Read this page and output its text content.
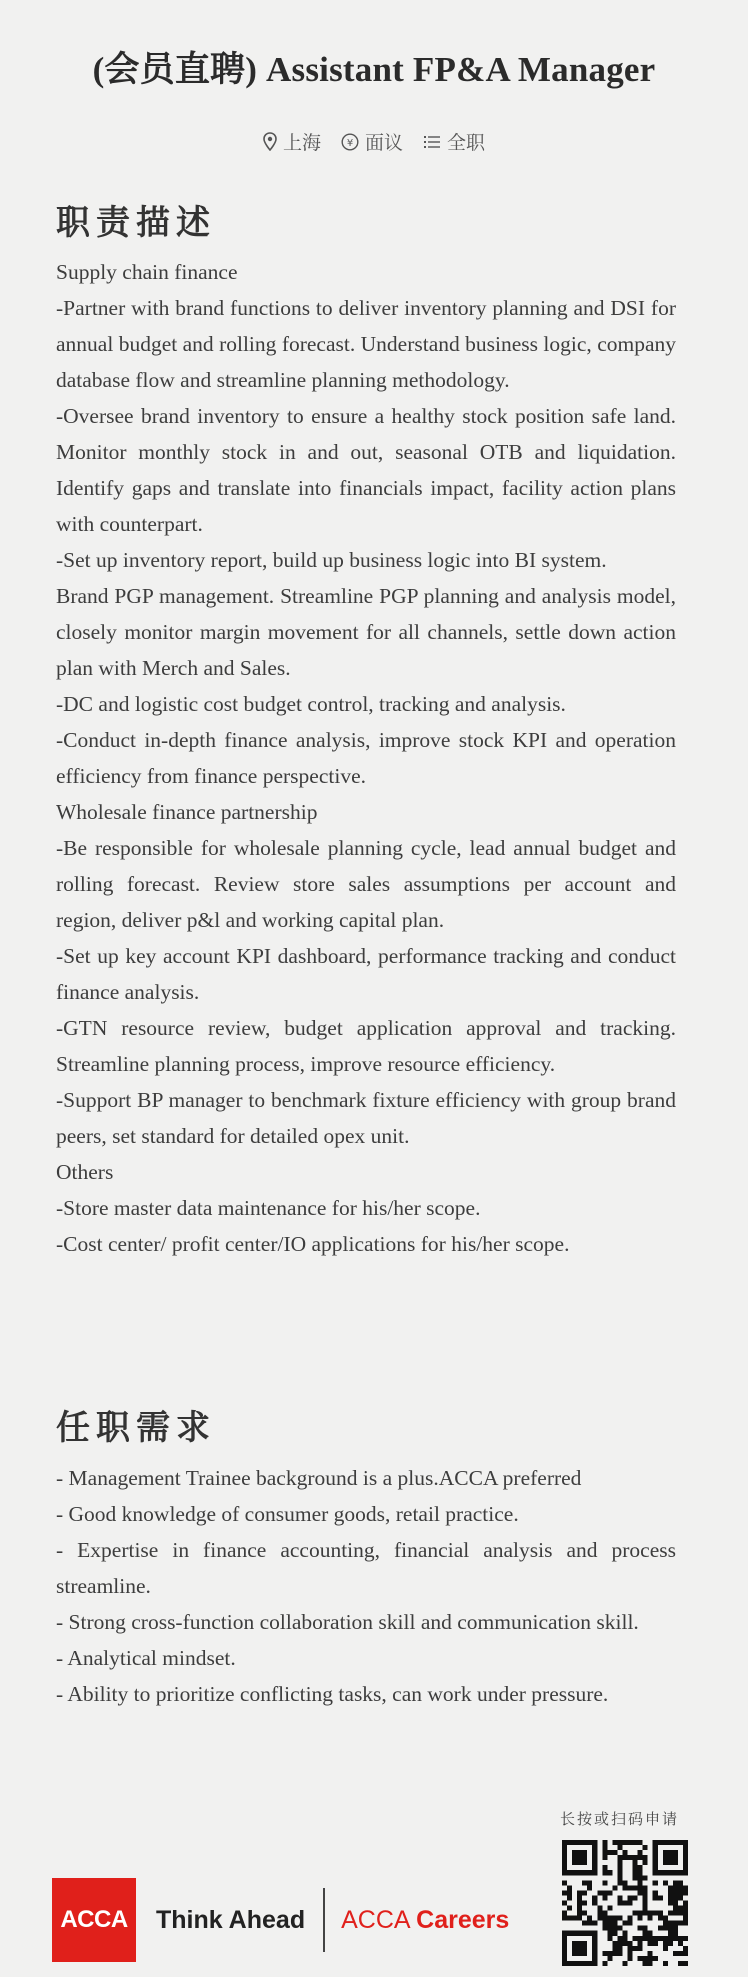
(会员直聘) Assistant FP&A Manager
上海	¥ 面议 全职
职责描述

Supply chain finance

-Partner with brand functions to deliver inventory planning and DSI for annual budget and rolling forecast. Understand business logic, company database flow and streamline planning methodology.

-Oversee brand inventory to ensure a healthy stock position safe land. Monitor monthly stock in and out, seasonal OTB and liquidation. Identify gaps and translate into financials impact, facility action plans with counterpart.

-Set up inventory report, build up business logic into BI system.

Brand PGP management. Streamline PGP planning and analysis model, closely monitor margin movement for all channels, settle down action plan with Merch and Sales.

-DC and logistic cost budget control, tracking and analysis.

-Conduct in-depth finance analysis, improve stock KPI and operation efficiency from finance perspective.

Wholesale finance partnership

-Be responsible for wholesale planning cycle, lead annual budget and rolling forecast. Review store sales assumptions per account and region, deliver p&l and working capital plan.

-Set up key account KPI dashboard, performance tracking and conduct finance analysis.

-GTN resource review, budget application approval and tracking. Streamline planning process, improve resource efficiency.

-Support BP manager to benchmark fixture efficiency with group brand peers, set standard for detailed opex unit.

Others

-Store master data maintenance for his/her scope.

-Cost center/ profit center/IO applications for his/her scope.

任职需求

- Management Trainee background is a plus.ACCA preferred

- Good knowledge of consumer goods, retail practice.

- Expertise in finance accounting, financial analysis and process streamline.

- Strong cross-function collaboration skill and communication skill.

- Analytical mindset.

- Ability to prioritize conflicting tasks, can work under pressure.

长按或扫码申请
ACCA	Think Ahead ACCA Careers
